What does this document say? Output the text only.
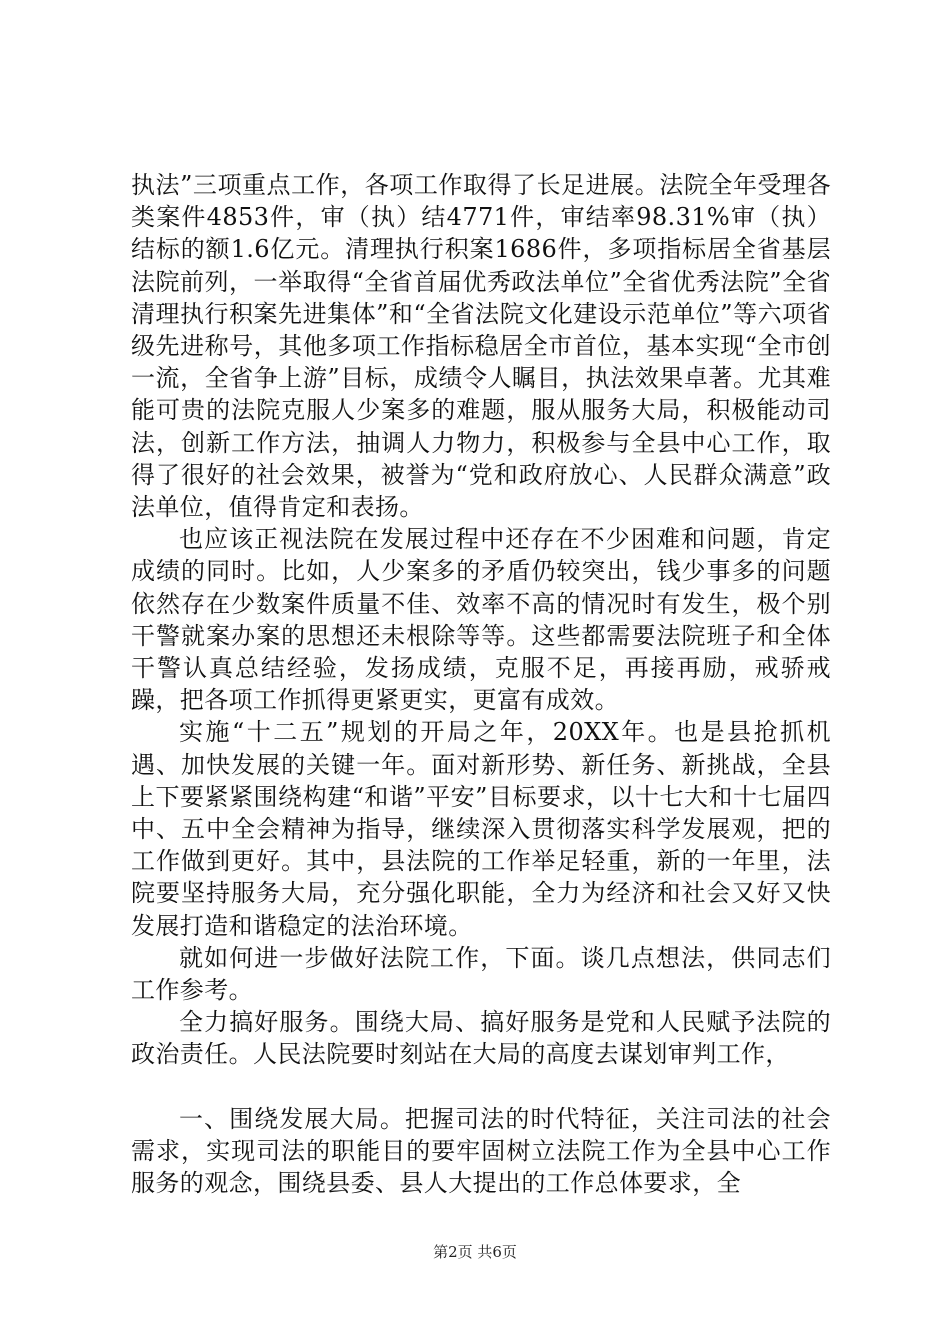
执法”三项重点工作，各项工作取得了长足进展。法院全年受理各类案件4853件，审（执）结4771件，审结率98.31%审（执）结标的额1.6亿元。清理执行积案1686件，多项指标居全省基层法院前列，一举取得“全省首届优秀政法单位”全省优秀法院”全省清理执行积案先进集体”和“全省法院文化建设示范单位”等六项省级先进称号，其他多项工作指标稳居全市首位，基本实现“全市创一流，全省争上游”目标，成绩令人瞩目，执法效果卓著。尤其难能可贵的法院克服人少案多的难题，服从服务大局，积极能动司法，创新工作方法，抽调人力物力，积极参与全县中心工作，取得了很好的社会效果，被誉为“党和政府放心、人民群众满意”政法单位，值得肯定和表扬。

也应该正视法院在发展过程中还存在不少困难和问题，肯定成绩的同时。比如，人少案多的矛盾仍较突出，钱少事多的问题依然存在少数案件质量不佳、效率不高的情况时有发生，极个别干警就案办案的思想还未根除等等。这些都需要法院班子和全体干警认真总结经验，发扬成绩，克服不足，再接再励，戒骄戒躁，把各项工作抓得更紧更实，更富有成效。

实施“十二五”规划的开局之年，20XX年。也是县抢抓机遇、加快发展的关键一年。面对新形势、新任务、新挑战，全县上下要紧紧围绕构建“和谐”平安”目标要求，以十七大和十七届四中、五中全会精神为指导，继续深入贯彻落实科学发展观，把的工作做到更好。其中，县法院的工作举足轻重，新的一年里，法院要坚持服务大局，充分强化职能，全力为经济和社会又好又快发展打造和谐稳定的法治环境。

就如何进一步做好法院工作，下面。谈几点想法，供同志们工作参考。

全力搞好服务。围绕大局、搞好服务是党和人民赋予法院的政治责任。人民法院要时刻站在大局的高度去谋划审判工作，

一、围绕发展大局。把握司法的时代特征，关注司法的社会需求，实现司法的职能目的要牢固树立法院工作为全县中心工作服务的观念，围绕县委、县人大提出的工作总体要求，全

第2页 共6页
